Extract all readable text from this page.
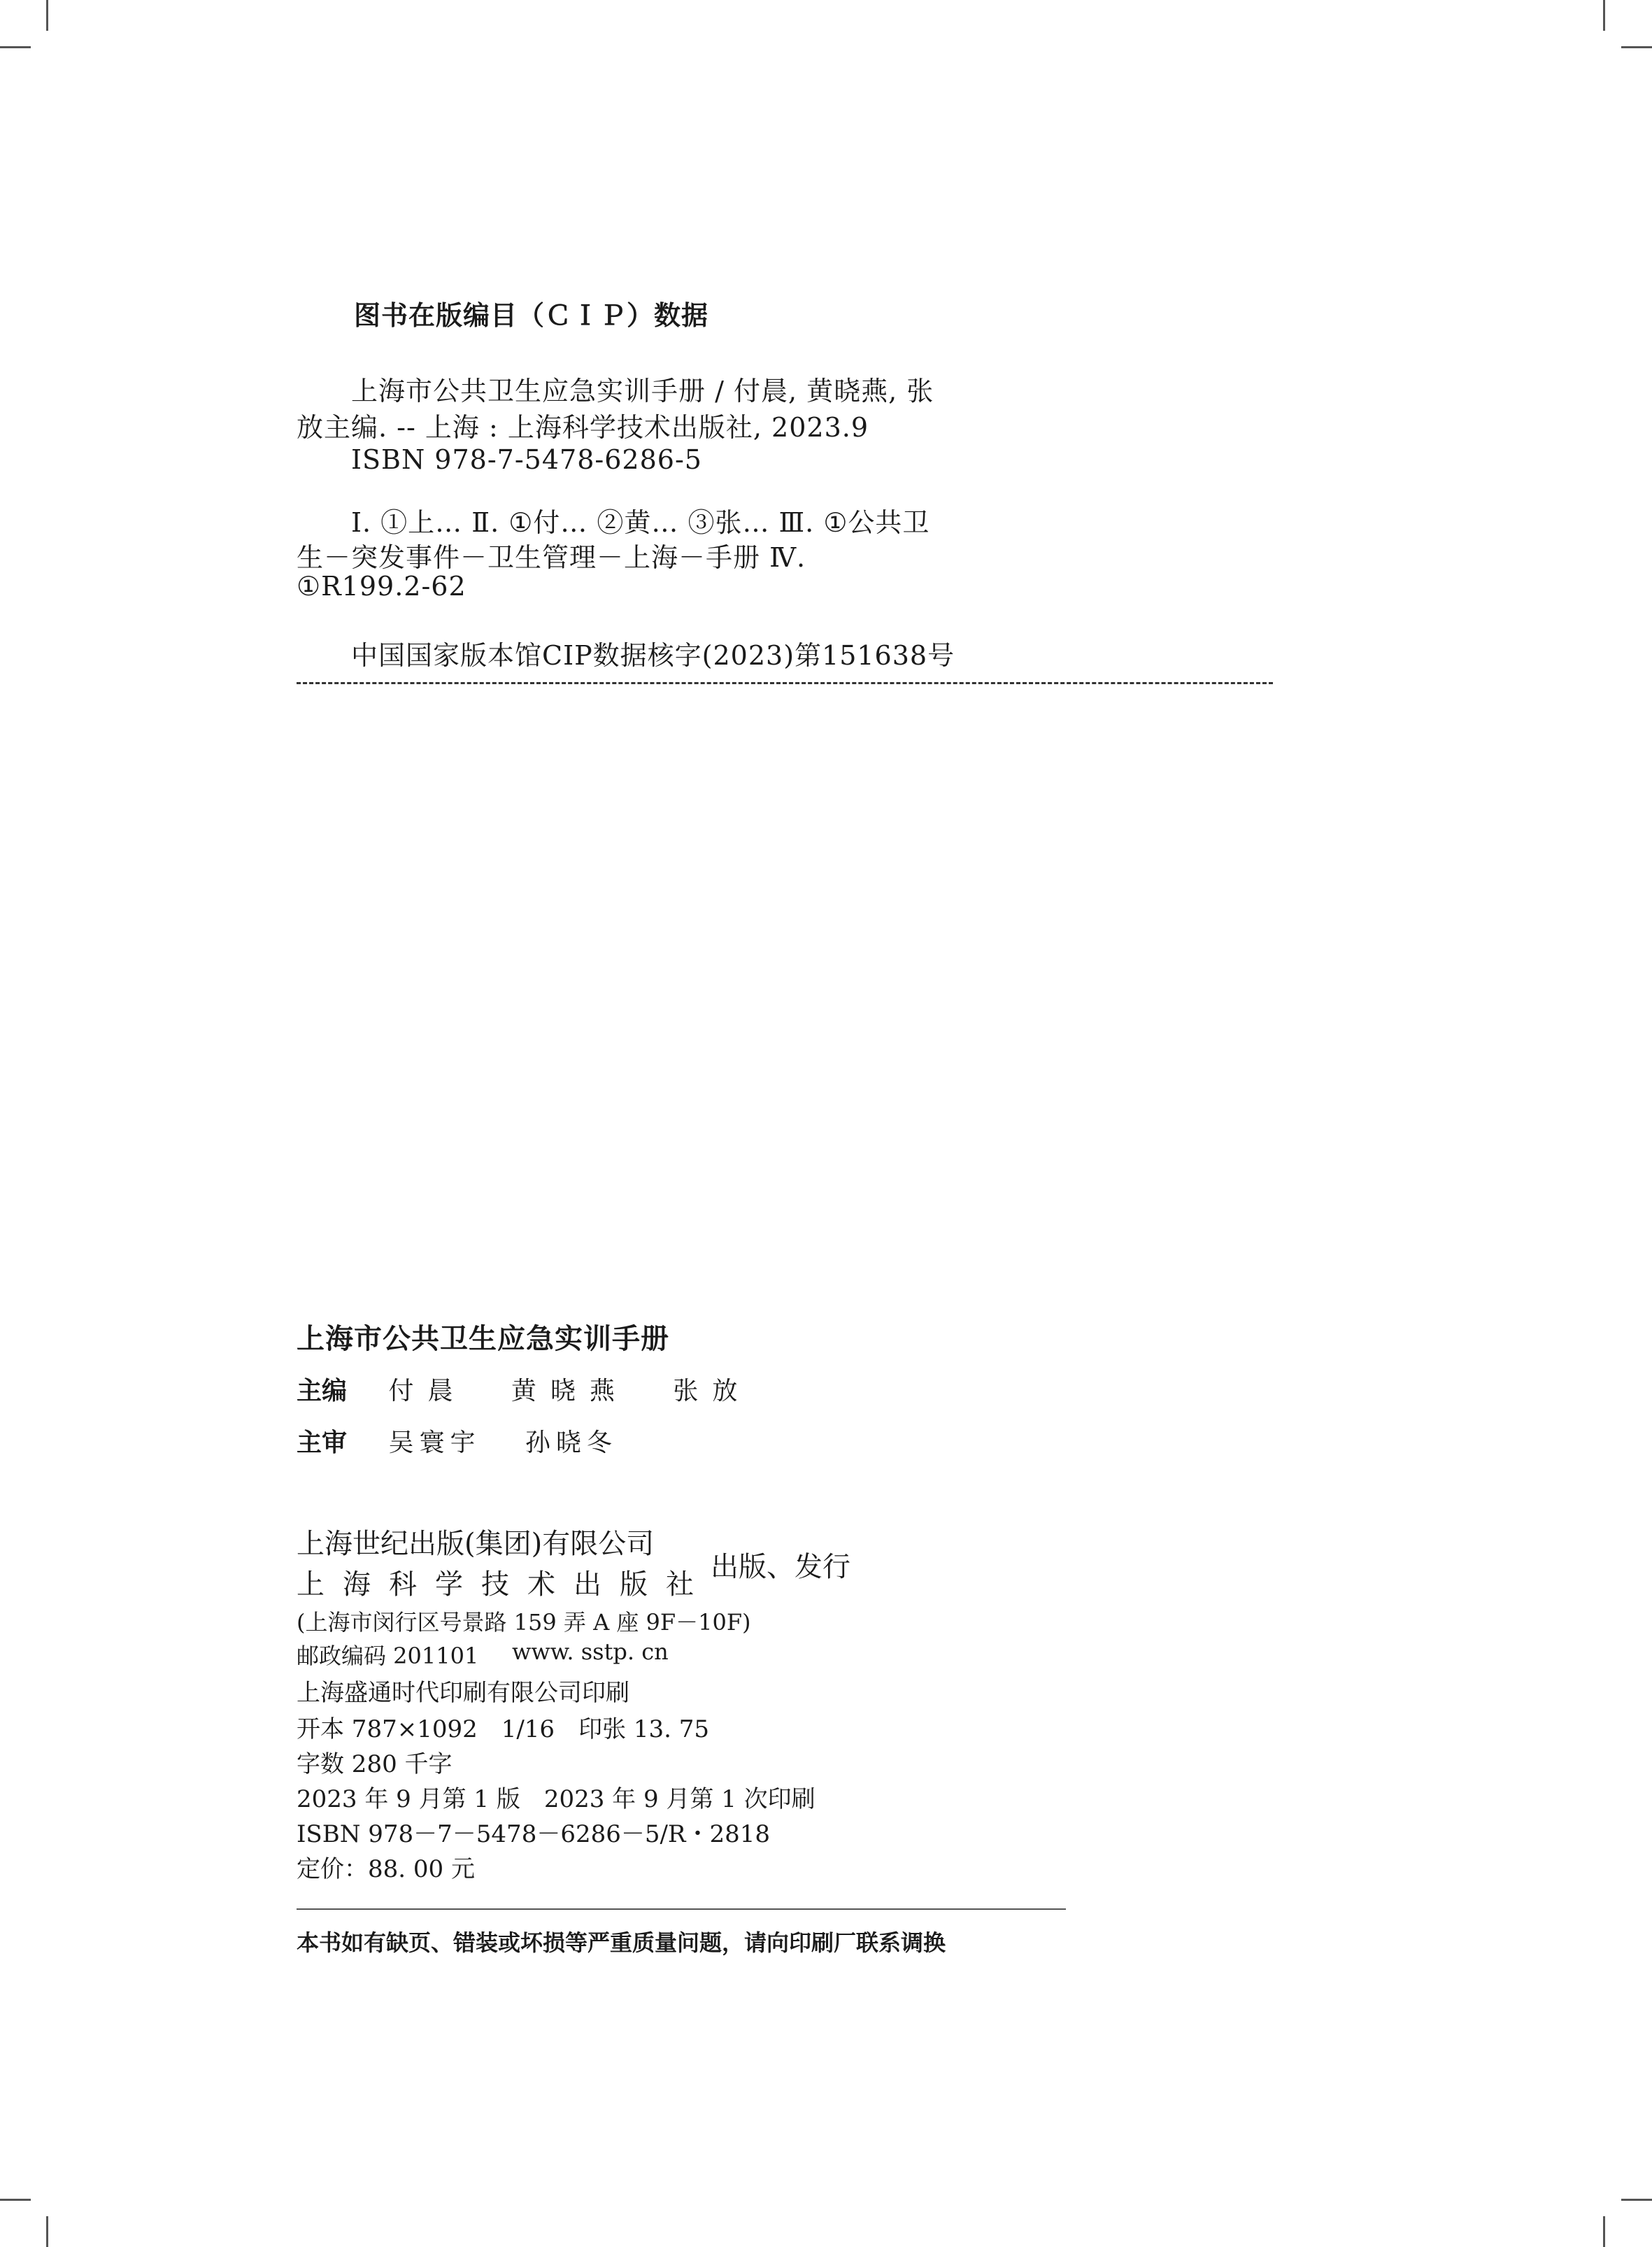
图书在版编目（ＣＩＰ）数据
　　上海市公共卫生应急实训手册 / 付晨, 黄晓燕, 张
放主编. -- 上海 : 上海科学技术出版社, 2023.9
　　ISBN 978-7-5478-6286-5
　　Ⅰ. ①上… Ⅱ. ①付… ②黄… ③张… Ⅲ. ①公共卫
生－突发事件－卫生管理－上海－手册 Ⅳ.
①R199.2-62
　　中国国家版本馆CIP数据核字(2023)第151638号
上海市公共卫生应急实训手册
主编 付晨 黄晓燕 张放
主审 吴寰宇 孙晓冬
上海世纪出版(集团)有限公司
上海科学技术出版社
出版、发行
(上海市闵行区号景路 159 弄 A 座 9F－10F)
邮政编码 201101 www. sstp. cn
上海盛通时代印刷有限公司印刷
开本 787×1092　1/16　印张 13. 75
字数 280 千字
2023 年 9 月第 1 版　2023 年 9 月第 1 次印刷
ISBN 978－7－5478－6286－5/R・2818
定价：88. 00 元
本书如有缺页、错装或坏损等严重质量问题，请向印刷厂联系调换
